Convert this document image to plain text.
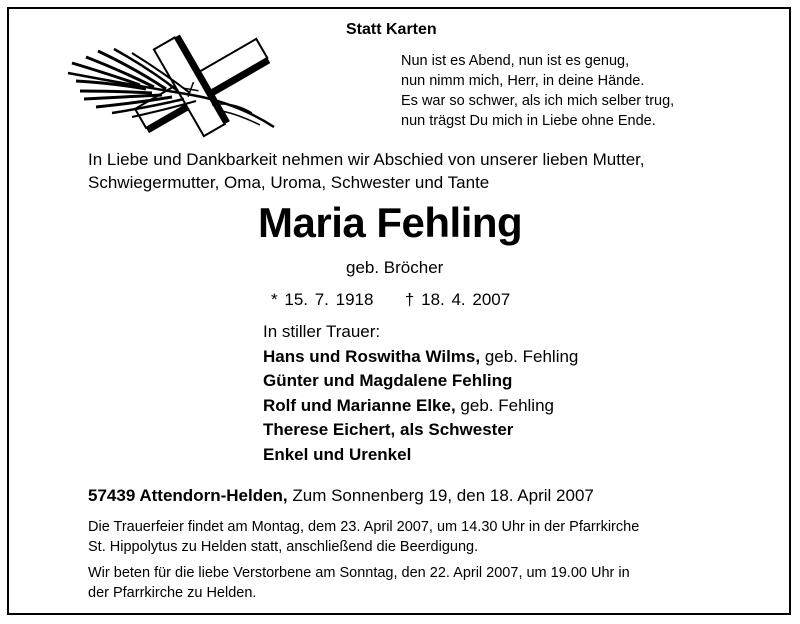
Statt Karten
Nun ist es Abend, nun ist es genug,
nun nimm mich, Herr, in deine Hände.
Es war so schwer, als ich mich selber trug,
nun trägst Du mich in Liebe ohne Ende.
In Liebe und Dankbarkeit nehmen wir Abschied von unserer lieben Mutter,
Schwiegermutter, Oma, Uroma, Schwester und Tante
Maria Fehling
geb. Bröcher
* 15. 7. 1918 † 18. 4. 2007
In stiller Trauer:
Hans und Roswitha Wilms, geb. Fehling
Günter und Magdalene Fehling
Rolf und Marianne Elke, geb. Fehling
Therese Eichert, als Schwester
Enkel und Urenkel
57439 Attendorn-Helden, Zum Sonnenberg 19, den 18. April 2007
Die Trauerfeier findet am Montag, dem 23. April 2007, um 14.30 Uhr in der Pfarrkirche
St. Hippolytus zu Helden statt, anschließend die Beerdigung.
Wir beten für die liebe Verstorbene am Sonntag, den 22. April 2007, um 19.00 Uhr in
der Pfarrkirche zu Helden.
